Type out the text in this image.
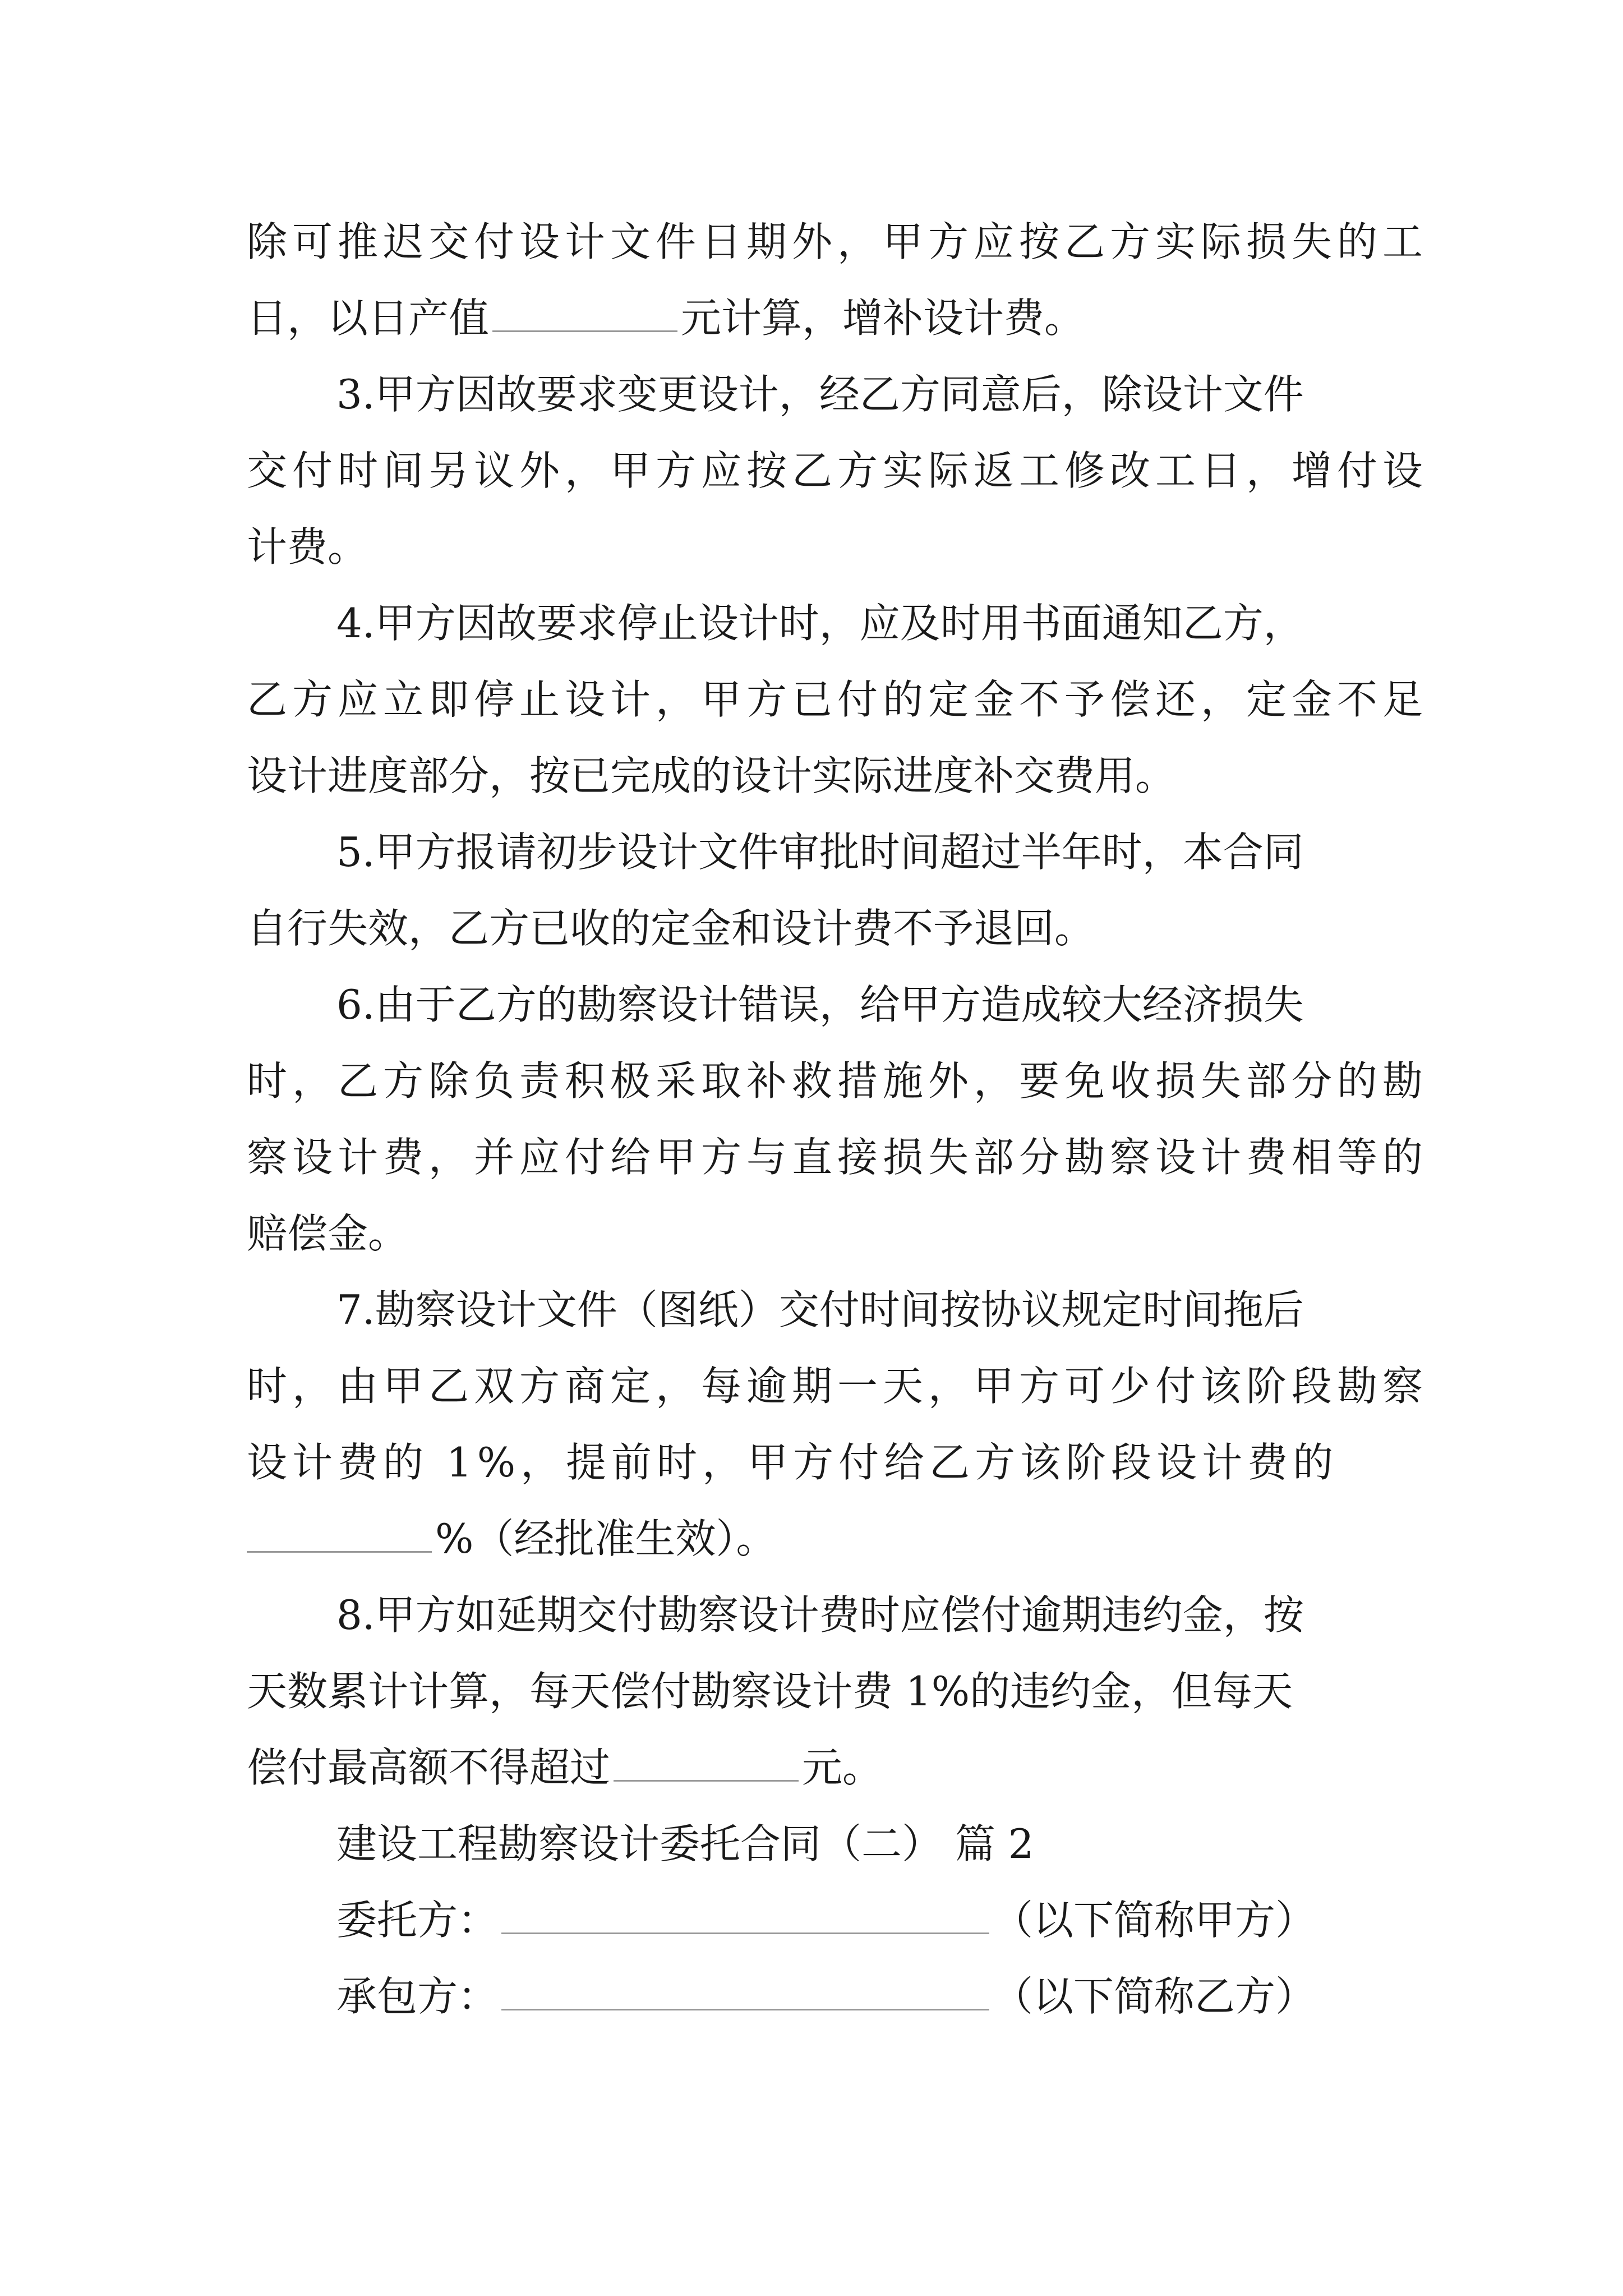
除可推迟交付设计文件日期外，甲方应按乙方实际损失的工
日，以日产值	元计算，增补设计费。
3.甲方因故要求变更设计，经乙方同意后，除设计文件
交付时间另议外，甲方应按乙方实际返工修改工日，增付设
计费。
4.甲方因故要求停止设计时，应及时用书面通知乙方，
乙方应立即停止设计，甲方已付的定金不予偿还，定金不足
设计进度部分，按已完成的设计实际进度补交费用。
5.甲方报请初步设计文件审批时间超过半年时，本合同
自行失效，乙方已收的定金和设计费不予退回。
6.由于乙方的勘察设计错误，给甲方造成较大经济损失
时，乙方除负责积极采取补救措施外，要免收损失部分的勘
察设计费，并应付给甲方与直接损失部分勘察设计费相等的
赔偿金。
7.勘察设计文件（图纸）交付时间按协议规定时间拖后
时，由甲乙双方商定，每逾期一天，甲方可少付该阶段勘察
设计费的 1%，提前时，甲方付给乙方该阶段设计费的
%（经批准生效）。
8.甲方如延期交付勘察设计费时应偿付逾期违约金，按
天数累计计算，每天偿付勘察设计费 1%的违约金，但每天
偿付最高额不得超过	元。
建设工程勘察设计委托合同（二） 篇 2
委托方：	（以下简称甲方）
承包方：	（以下简称乙方）
